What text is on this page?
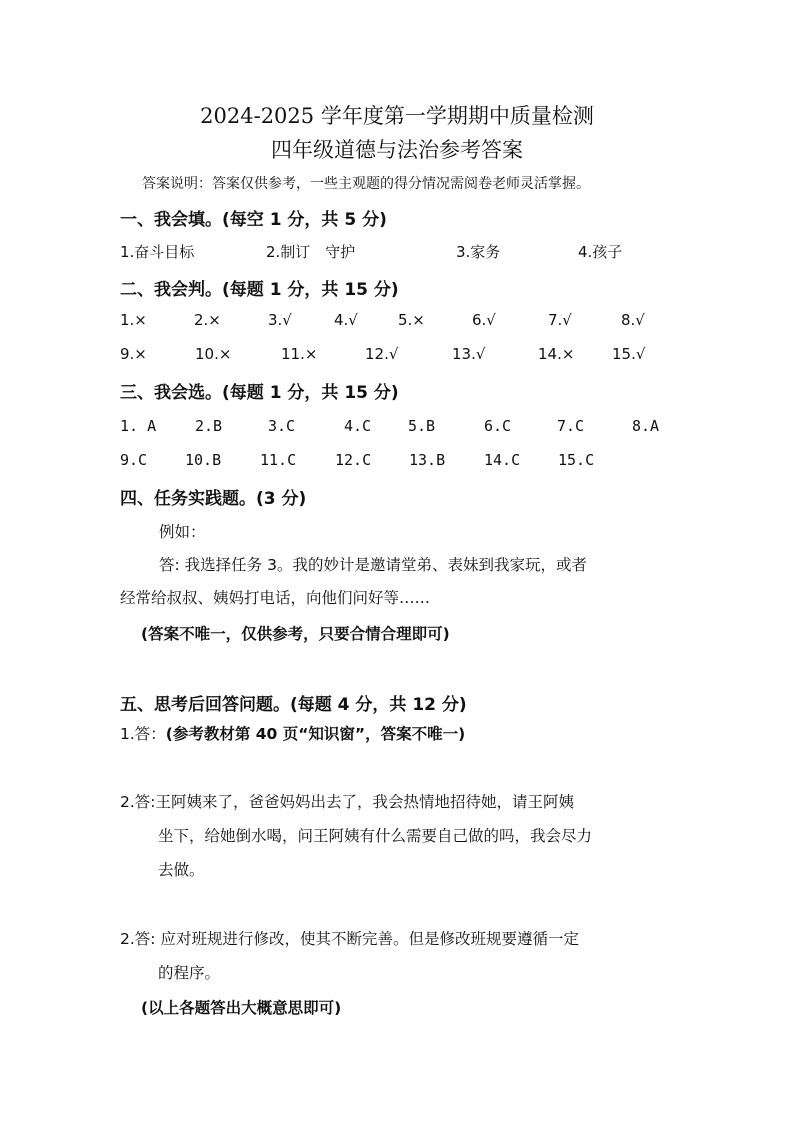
2024-2025 学年度第一学期期中质量检测
四年级道德与法治参考答案
答案说明：答案仅供参考，一些主观题的得分情况需阅卷老师灵活掌握。
一、我会填。(每空 1 分，共 5 分)
1.奋斗目标	2.制订　守护	3.家务	4.孩子
二、我会判。(每题 1 分，共 15 分)
1.×	2.×	3.√	4.√	5.×	6.√	7.√	8.√
9.×	10.×	11.×	12.√	13.√	14.×	15.√
三、我会选。(每题 1 分，共 15 分)
1. A	2.B	3.C	4.C 5.B	6.C	7.C	8.A
9.C	10.B	11.C	12.C	13.B	14.C	15.C
四、任务实践题。(3 分)
例如：
答: 我选择任务 3。我的妙计是邀请堂弟、表妹到我家玩，或者
经常给叔叔、姨妈打电话，向他们问好等……
(答案不唯一，仅供参考，只要合情合理即可)
五、思考后回答问题。(每题 4 分，共 12 分)
1.答：(参考教材第 40 页“知识窗”，答案不唯一)
2.答:王阿姨来了，爸爸妈妈出去了，我会热情地招待她，请王阿姨
坐下，给她倒水喝，问王阿姨有什么需要自己做的吗，我会尽力
去做。
2.答: 应对班规进行修改，使其不断完善。但是修改班规要遵循一定
的程序。
(以上各题答出大概意思即可)
